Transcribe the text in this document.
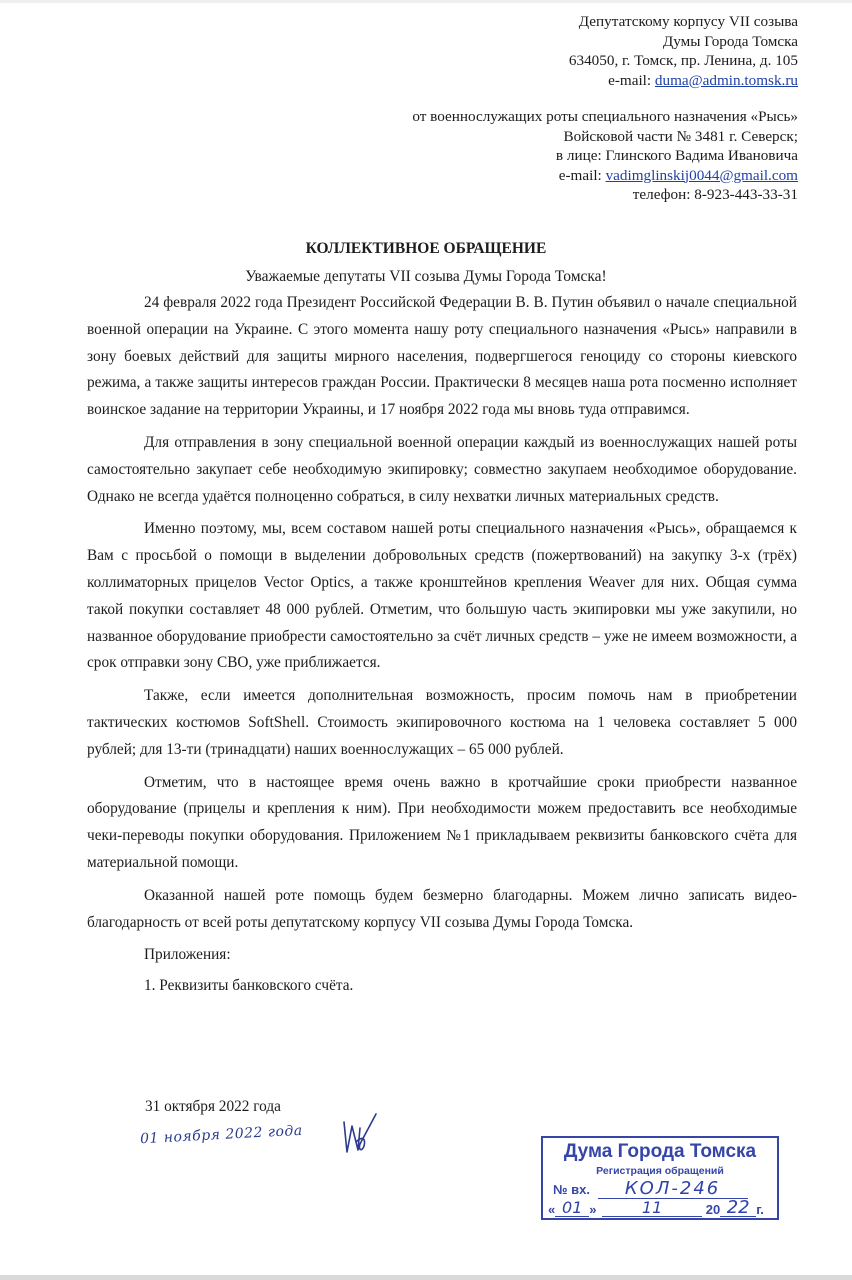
Депутатскому корпусу VII созыва
Думы Города Томска
634050, г. Томск, пр. Ленина, д. 105
e-mail: duma@admin.tomsk.ru
от военнослужащих роты специального назначения «Рысь»
Войсковой части № 3481 г. Северск;
в лице: Глинского Вадима Ивановича
e-mail: vadimglinskij0044@gmail.com
телефон: 8-923-443-33-31
КОЛЛЕКТИВНОЕ ОБРАЩЕНИЕ
Уважаемые депутаты VII созыва Думы Города Томска!

24 февраля 2022 года Президент Российской Федерации В. В. Путин объявил о начале специальной военной операции на Украине. С этого момента нашу роту специального назначения «Рысь» направили в зону боевых действий для защиты мирного населения, подвергшегося геноциду со стороны киевского режима, а также защиты интересов граждан России. Практически 8 месяцев наша рота посменно исполняет воинское задание на территории Украины, и 17 ноября 2022 года мы вновь туда отправимся.

Для отправления в зону специальной военной операции каждый из военнослужащих нашей роты самостоятельно закупает себе необходимую экипировку; совместно закупаем необходимое оборудование. Однако не всегда удаётся полноценно собраться, в силу нехватки личных материальных средств.

Именно поэтому, мы, всем составом нашей роты специального назначения «Рысь», обращаемся к Вам с просьбой о помощи в выделении добровольных средств (пожертвований) на закупку 3-х (трёх) коллиматорных прицелов Vector Optics, а также кронштейнов крепления Weaver для них. Общая сумма такой покупки составляет 48 000 рублей. Отметим, что большую часть экипировки мы уже закупили, но названное оборудование приобрести самостоятельно за счёт личных средств – уже не имеем возможности, а срок отправки зону СВО, уже приближается.

Также, если имеется дополнительная возможность, просим помочь нам в приобретении тактических костюмов SoftShell. Стоимость экипировочного костюма на 1 человека составляет 5 000 рублей; для 13-ти (тринадцати) наших военнослужащих – 65 000 рублей.

Отметим, что в настоящее время очень важно в кротчайшие сроки приобрести названное оборудование (прицелы и крепления к ним). При необходимости можем предоставить все необходимые чеки-переводы покупки оборудования. Приложением №1 прикладываем реквизиты банковского счёта для материальной помощи.

Оказанной нашей роте помощь будем безмерно благодарны. Можем лично записать видео-благодарность от всей роты депутатскому корпусу VII созыва Думы Города Томска.

Приложения:

1. Реквизиты банковского счёта.

31 октября 2022 года
01 ноября 2022 года
Дума Города Томска
Регистрация обращений
№ вх. КОЛ-246
« 01 »	11	20 22 г.
